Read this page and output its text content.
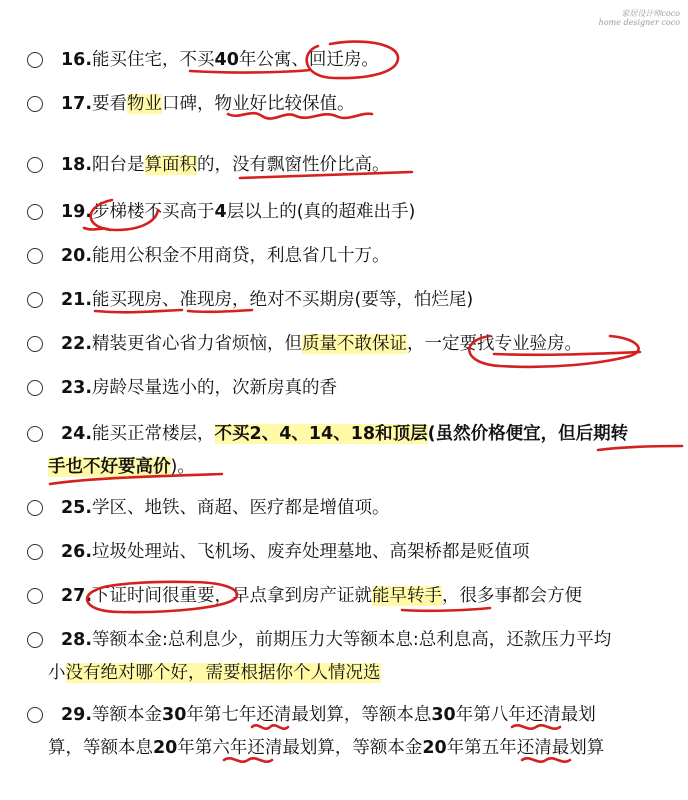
家居设计师coco
home designer coco
16.能买住宅，不买40年公寓、回迁房。
17.要看物业口碑，物业好比较保值。
18.阳台是算面积的，没有飘窗性价比高。
19.步梯楼不买高于4层以上的(真的超难出手)
20.能用公积金不用商贷，利息省几十万。
21.能买现房、准现房，绝对不买期房(要等，怕烂尾)
22.精装更省心省力省烦恼，但质量不敢保证，一定要找专业验房。
23.房龄尽量选小的，次新房真的香
24.能买正常楼层，不买2、4、14、18和顶层(虽然价格便宜，但后期转
手也不好要高价)。
25.学区、地铁、商超、医疗都是增值项。
26.垃圾处理站、飞机场、废弃处理墓地、高架桥都是贬值项
27.下证时间很重要，早点拿到房产证就能早转手，很多事都会方便
28.等额本金:总利息少，前期压力大等额本息:总利息高，还款压力平均
小没有绝对哪个好，需要根据你个人情况选
29.等额本金30年第七年还清最划算，等额本息30年第八年还清最划
算，等额本息20年第六年还清最划算，等额本金20年第五年还清最划算
